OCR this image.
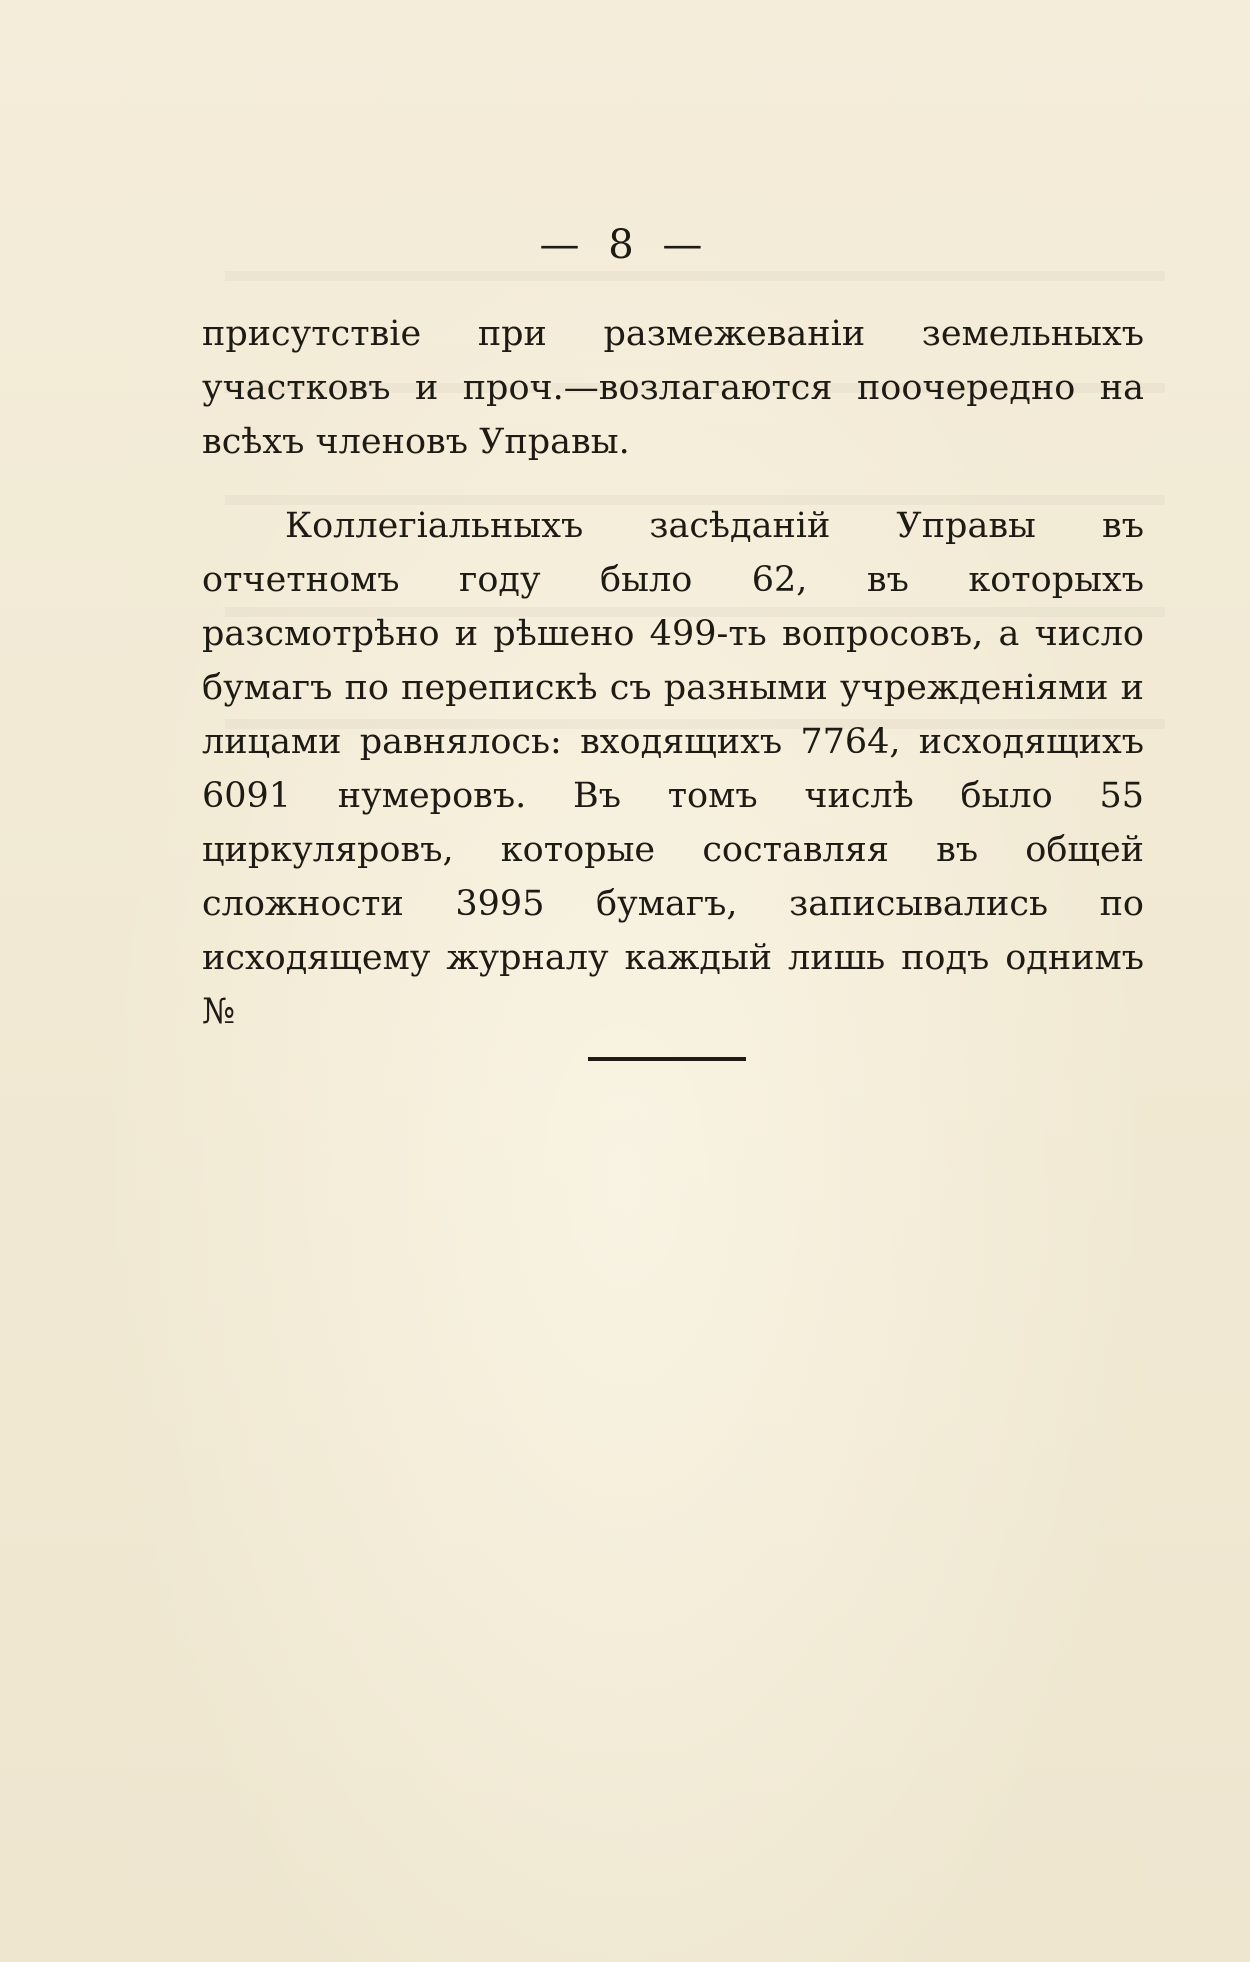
— 8 —

присутствіе при размежеваніи земельныхъ участковъ и проч.—возлагаются поочередно на всѣхъ членовъ Управы.

Коллегіальныхъ засѣданій Управы въ отчетномъ году было 62, въ которыхъ разсмотрѣно и рѣшено 499-ть вопросовъ, а число бумагъ по перепискѣ съ разными учрежденіями и лицами равнялось: входящихъ 7764, исходящихъ 6091 нумеровъ. Въ томъ числѣ было 55 циркуляровъ, которые составляя въ общей сложности 3995 бумагъ, записывались по исходящему журналу каждый лишь подъ однимъ №
